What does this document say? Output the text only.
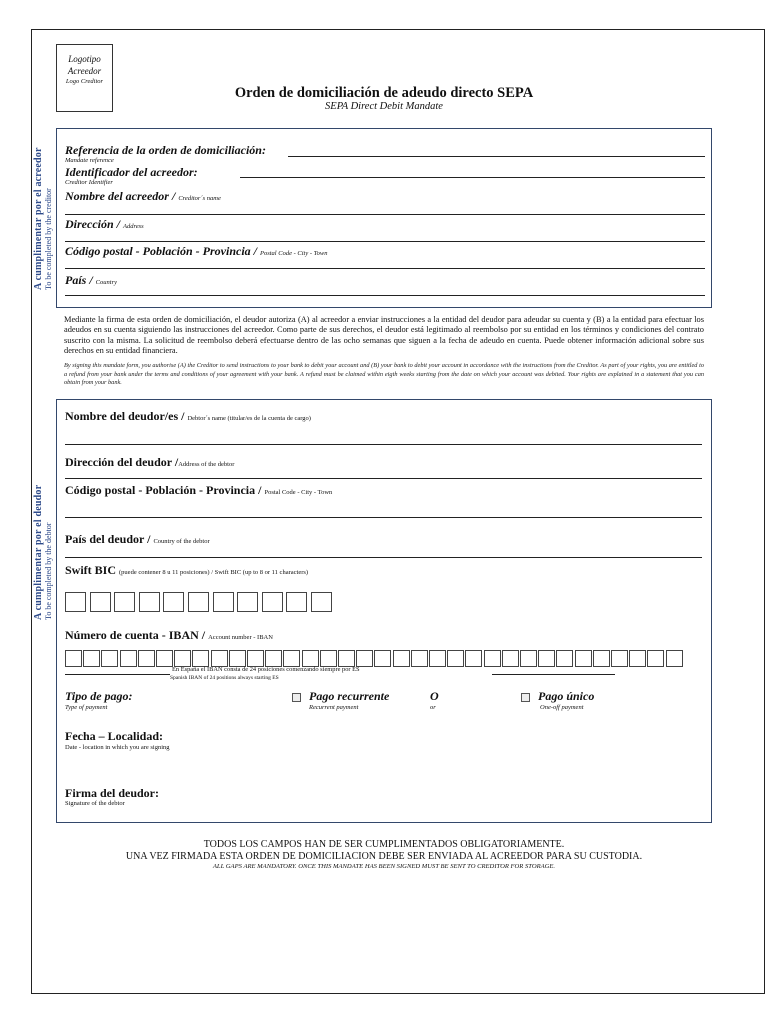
Logotipo
Acreedor
Logo Creditor
Orden de domiciliación de adeudo directo SEPA
SEPA Direct Debit Mandate
A cumplimentar por el acreedor To be completed by the creditor
Referencia de la orden de domiciliación:
Mandate reference
Identificador del acreedor:
Creditor Identifier
Nombre del acreedor / Creditor´s name
Dirección / Address
Código postal - Población - Provincia / Postal Code - City - Town
País / Country
Mediante la firma de esta orden de domiciliación, el deudor autoriza (A) al acreedor a enviar instrucciones a la entidad del deudor para adeudar su cuenta y (B) a la entidad para efectuar los adeudos en su cuenta siguiendo las instrucciones del acreedor. Como parte de sus derechos, el deudor está legitimado al reembolso por su entidad en los términos y condiciones del contrato suscrito con la misma. La solicitud de reembolso deberá efectuarse dentro de las ocho semanas que siguen a la fecha de adeudo en cuenta. Puede obtener información adicional sobre sus derechos en su entidad financiera.
By signing this mandate form, you authorise (A) the Creditor to send instructions to your bank to debit your account and (B) your bank to debit your account in accordance with the instructions from the Creditor. As part of your rights, you are entitled to a refund from your bank under the terms and conditions of your agreement with your bank. A refund must be claimed within eigth weeks starting from the date on which your account was debited. Your rights are explained in a statement that you can obtain from your bank.
A cumplimentar por el deudor To be completed by the debtor
Nombre del deudor/es / Debtor´s name (titular/es de la cuenta de cargo)
Dirección del deudor /Address of the debtor
Código postal - Población - Provincia / Postal Code - City - Town
País del deudor / Country of the debtor
Swift BIC (puede contener 8 u 11 posiciones) / Swift BIC (up to 8 or 11 characters)
Número de cuenta - IBAN / Account number - IBAN
En España el IBAN consta de 24 posiciones comenzando siempre por ES
Spanish IBAN of 24 positions always starting ES
Tipo de pago:
Type of payment
Pago recurrente
Recurrent payment
O
or
Pago único
One-off payment
Fecha – Localidad:
Date - location in which you are signing
Firma del deudor:
Signature of the debtor
TODOS LOS CAMPOS HAN DE SER CUMPLIMENTADOS OBLIGATORIAMENTE.
UNA VEZ FIRMADA ESTA ORDEN DE DOMICILIACION DEBE SER ENVIADA AL ACREEDOR PARA SU CUSTODIA.
ALL GAPS ARE MANDATORY. ONCE THIS MANDATE HAS BEEN SIGNED MUST BE SENT TO CREDITOR FOR STORAGE.
